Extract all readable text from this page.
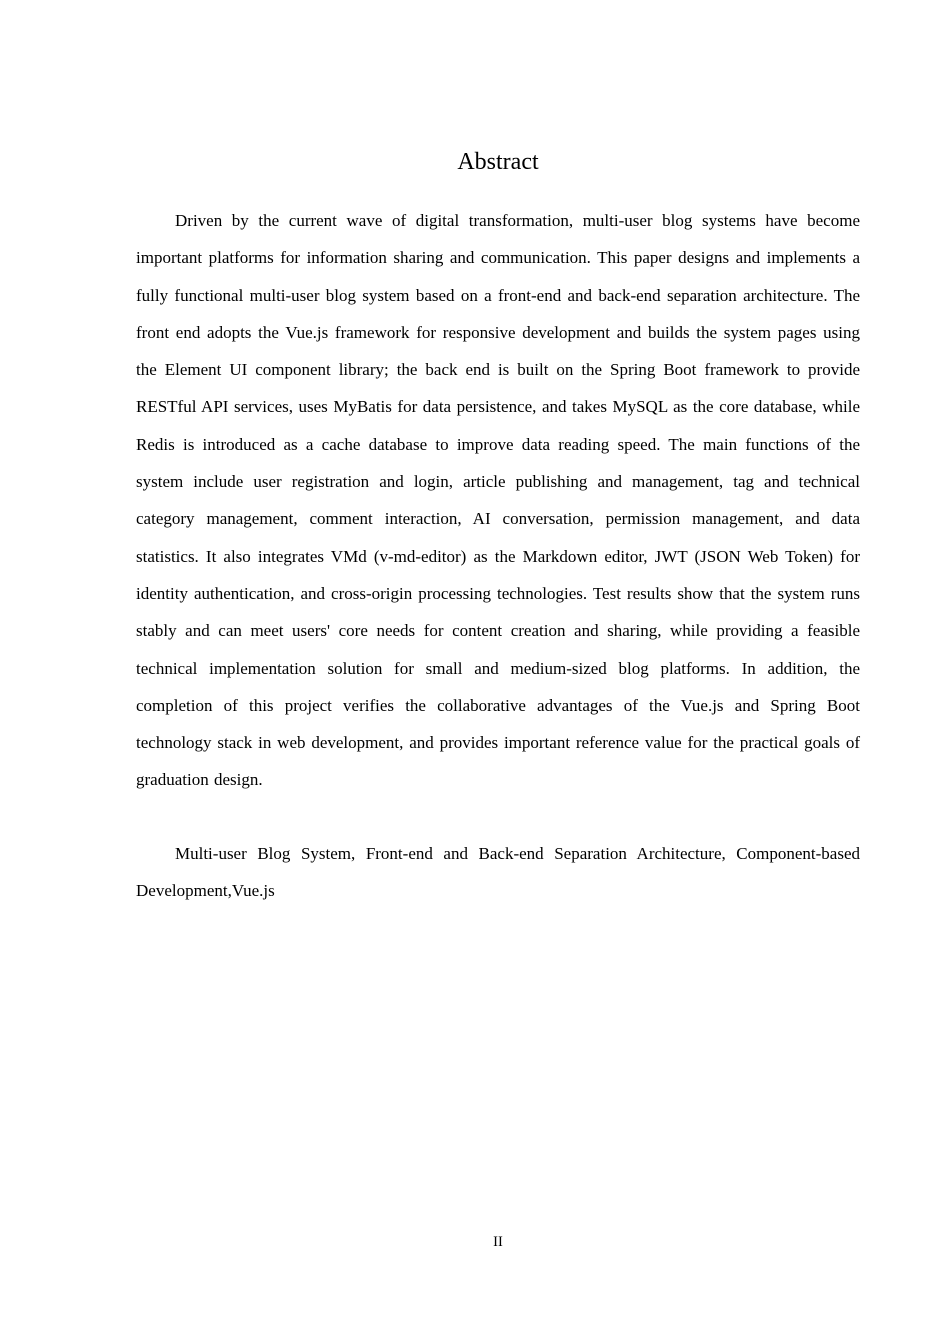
Abstract

Driven by the current wave of digital transformation, multi-user blog systems have become important platforms for information sharing and communication. This paper designs and implements a fully functional multi-user blog system based on a front-end and back-end separation architecture. The front end adopts the Vue.js framework for responsive development and builds the system pages using the Element UI component library; the back end is built on the Spring Boot framework to provide RESTful API services, uses MyBatis for data persistence, and takes MySQL as the core database, while Redis is introduced as a cache database to improve data reading speed. The main functions of the system include user registration and login, article publishing and management, tag and technical category management, comment interaction, AI conversation, permission management, and data statistics. It also integrates VMd (v-md-editor) as the Markdown editor, JWT (JSON Web Token) for identity authentication, and cross-origin processing technologies. Test results show that the system runs stably and can meet users' core needs for content creation and sharing, while providing a feasible technical implementation solution for small and medium-sized blog platforms. In addition, the completion of this project verifies the collaborative advantages of the Vue.js and Spring Boot technology stack in web development, and provides important reference value for the practical goals of graduation design.

Multi-user Blog System, Front-end and Back-end Separation Architecture, Component-based Development,Vue.js

II
